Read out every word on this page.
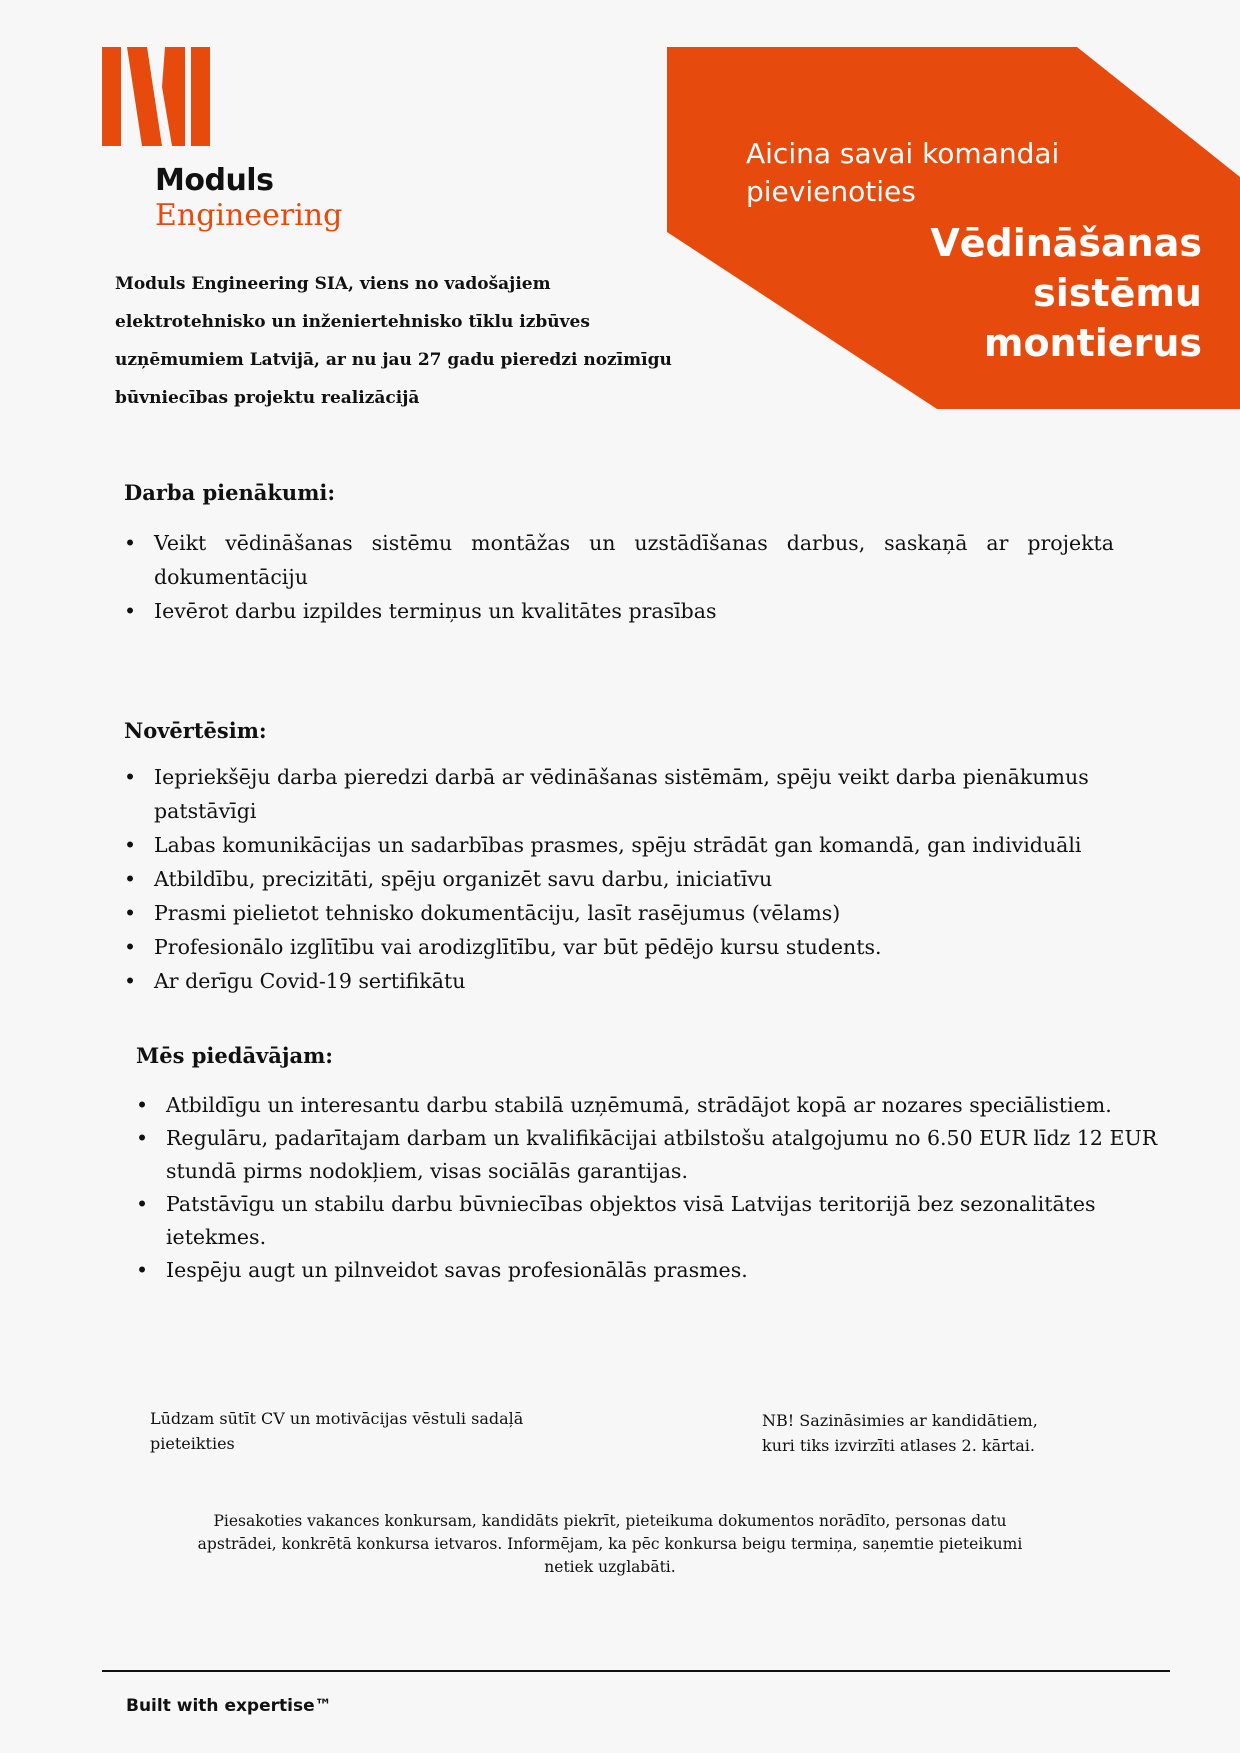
Moduls
Engineering
Moduls Engineering SIA, viens no vadošajiem elektrotehnisko un inženiertehnisko tīklu izbūves uzņēmumiem Latvijā, ar nu jau 27 gadu pieredzi nozīmīgu būvniecības projektu realizācijā
Aicina savai komandai pievienoties
Vēdināšanas
sistēmu
montierus
Darba pienākumi:
• Veikt vēdināšanas sistēmu montāžas un uzstādīšanas darbus, saskaņā ar projekta dokumentāciju
• Ievērot darbu izpildes termiņus un kvalitātes prasības
Novērtēsim:
• Iepriekšēju darba pieredzi darbā ar vēdināšanas sistēmām, spēju veikt darba pienākumus patstāvīgi
• Labas komunikācijas un sadarbības prasmes, spēju strādāt gan komandā, gan individuāli
• Atbildību, precizitāti, spēju organizēt savu darbu, iniciatīvu
• Prasmi pielietot tehnisko dokumentāciju, lasīt rasējumus (vēlams)
• Profesionālo izglītību vai arodizglītību, var būt pēdējo kursu students.
• Ar derīgu Covid-19 sertifikātu
Mēs piedāvājam:
• Atbildīgu un interesantu darbu stabilā uzņēmumā, strādājot kopā ar nozares speciālistiem.
• Regulāru, padarītajam darbam un kvalifikācijai atbilstošu atalgojumu no 6.50 EUR līdz 12 EUR stundā pirms nodokļiem, visas sociālās garantijas.
• Patstāvīgu un stabilu darbu būvniecības objektos visā Latvijas teritorijā bez sezonalitātes ietekmes.
• Iespēju augt un pilnveidot savas profesionālās prasmes.
Lūdzam sūtīt CV un motivācijas vēstuli sadaļā
pieteikties
NB! Sazināsimies ar kandidātiem,
kuri tiks izvirzīti atlases 2. kārtai.
Piesakoties vakances konkursam, kandidāts piekrīt, pieteikuma dokumentos norādīto, personas datu
apstrādei, konkrētā konkursa ietvaros. Informējam, ka pēc konkursa beigu termiņa, saņemtie pieteikumi
netiek uzglabāti.
Built with expertise™
